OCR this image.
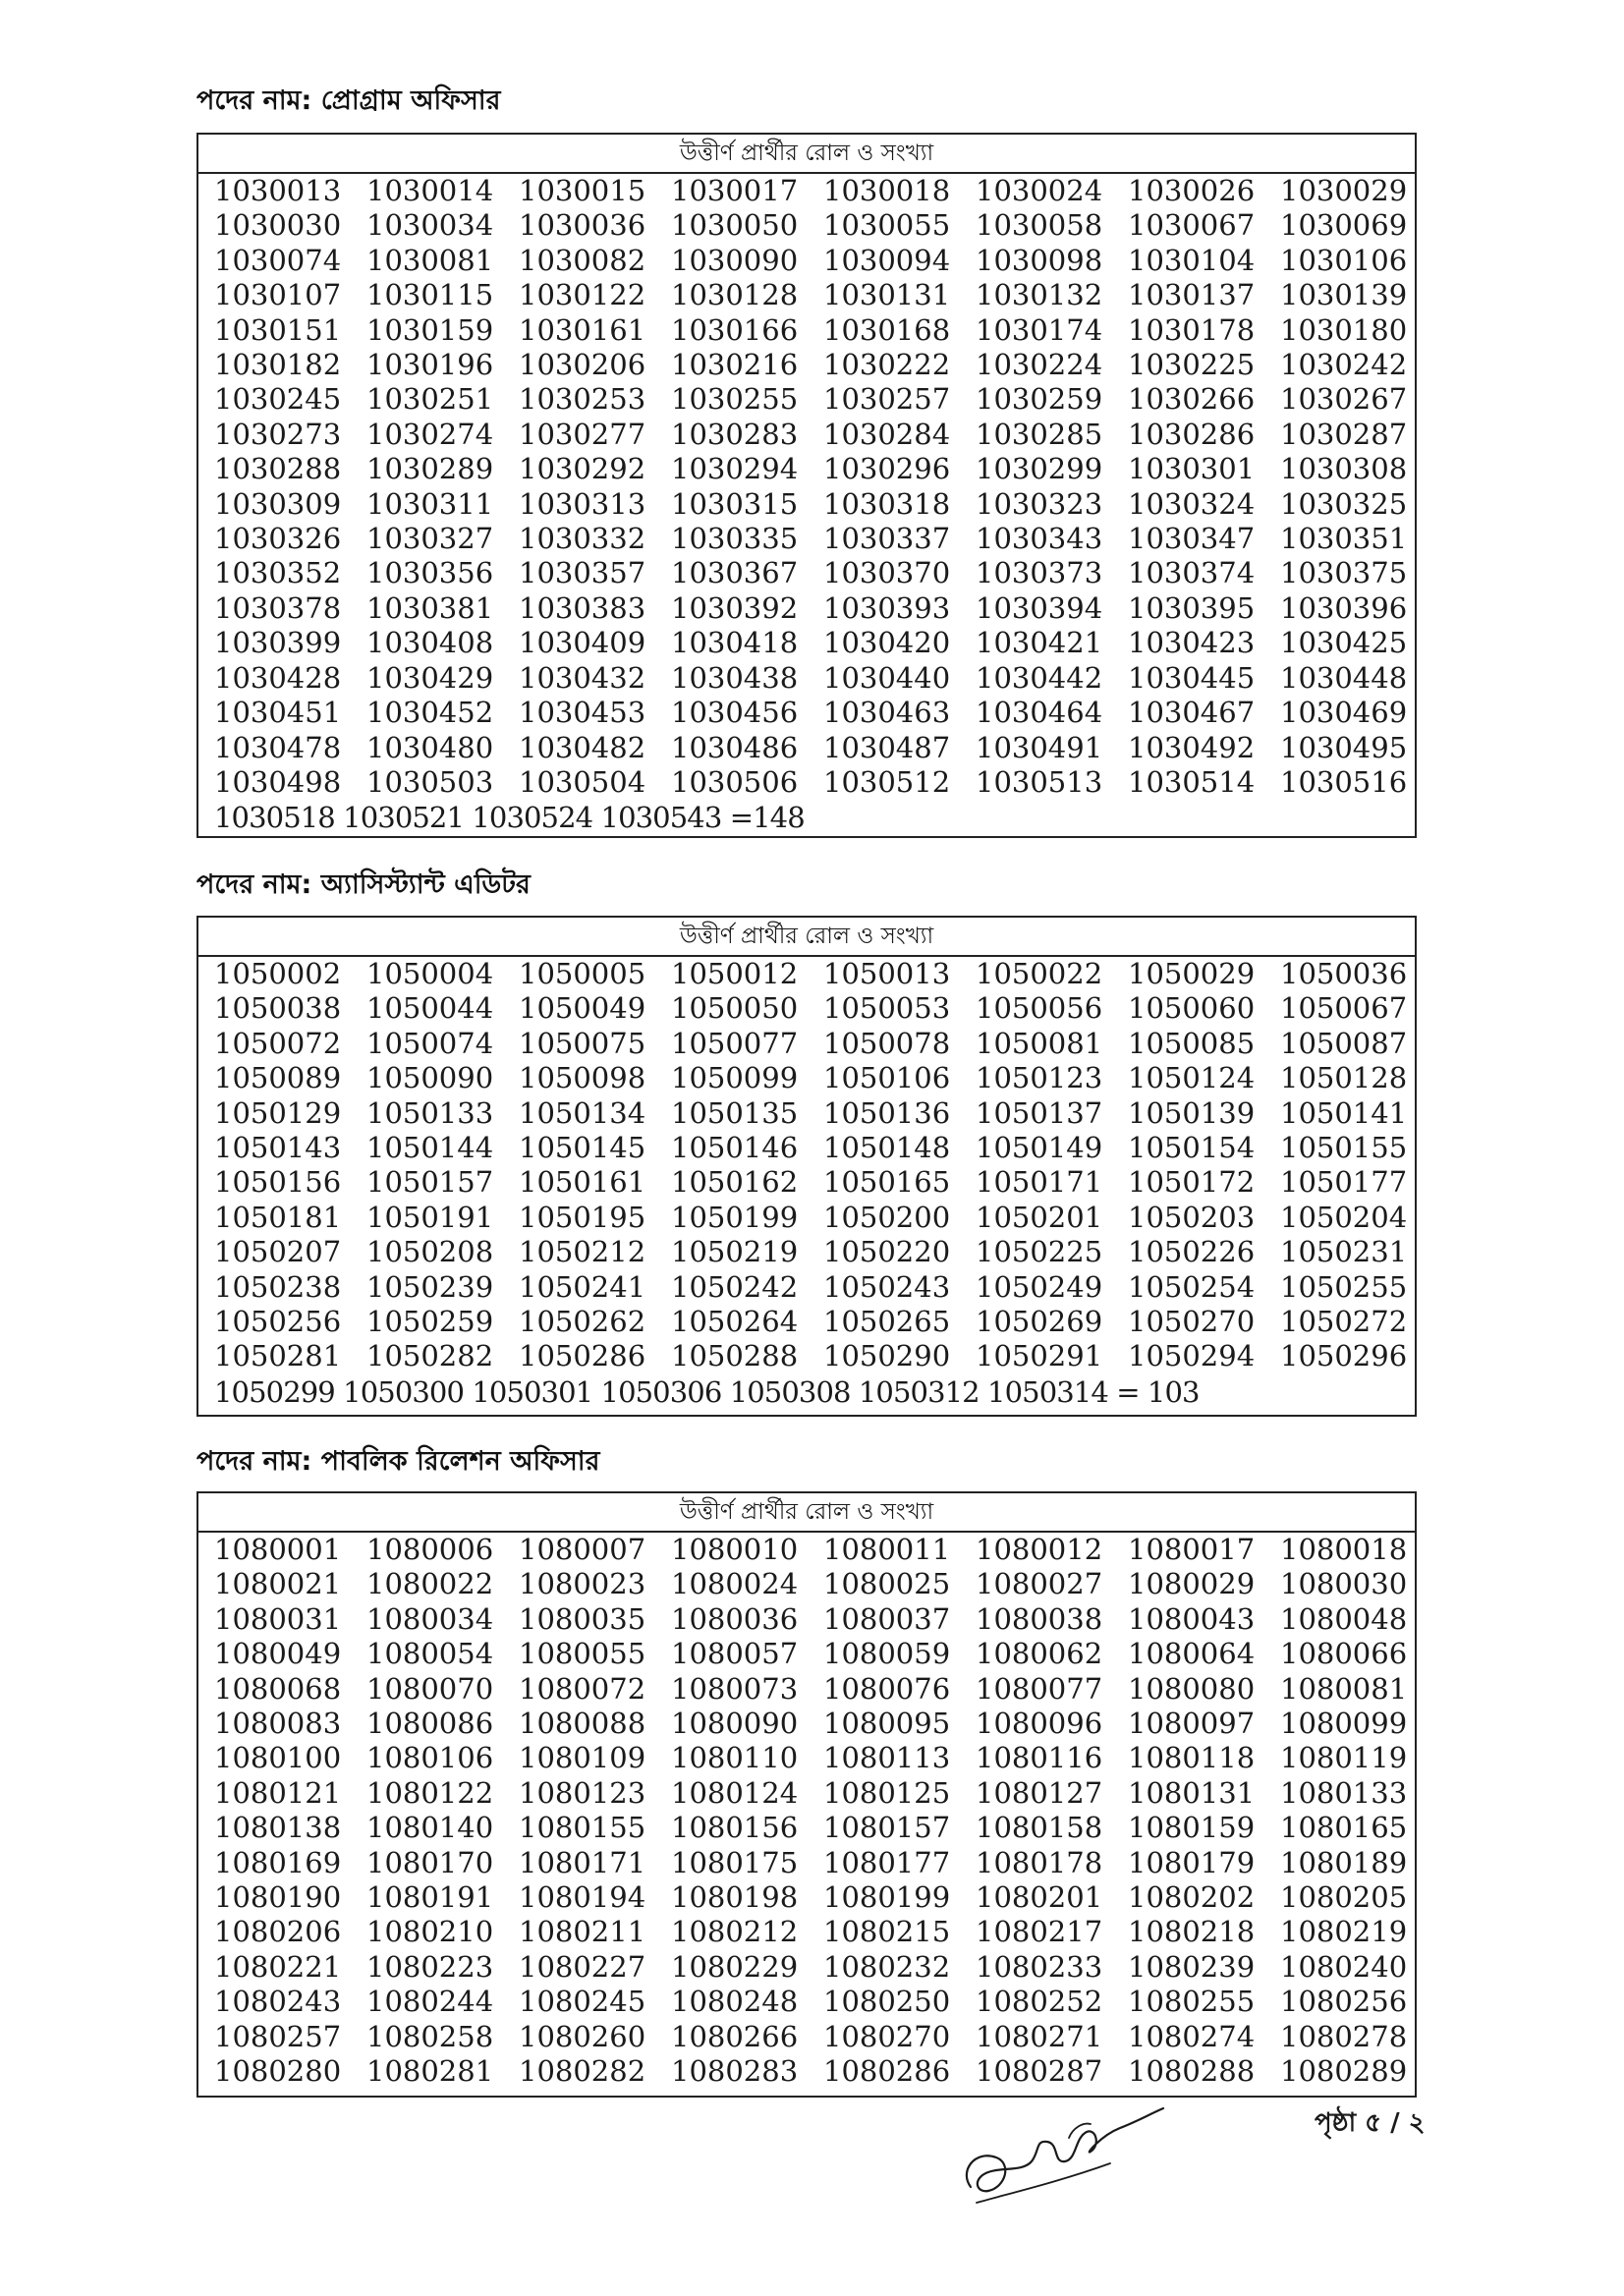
পদের নাম: প্রোগ্রাম অফিসার
উত্তীর্ণ প্রার্থীর রোল ও সংখ্যা
1030013 1030014 1030015 1030017 1030018 1030024 1030026 1030029
1030030 1030034 1030036 1030050 1030055 1030058 1030067 1030069
1030074 1030081 1030082 1030090 1030094 1030098 1030104 1030106
1030107 1030115 1030122 1030128 1030131 1030132 1030137 1030139
1030151 1030159 1030161 1030166 1030168 1030174 1030178 1030180
1030182 1030196 1030206 1030216 1030222 1030224 1030225 1030242
1030245 1030251 1030253 1030255 1030257 1030259 1030266 1030267
1030273 1030274 1030277 1030283 1030284 1030285 1030286 1030287
1030288 1030289 1030292 1030294 1030296 1030299 1030301 1030308
1030309 1030311 1030313 1030315 1030318 1030323 1030324 1030325
1030326 1030327 1030332 1030335 1030337 1030343 1030347 1030351
1030352 1030356 1030357 1030367 1030370 1030373 1030374 1030375
1030378 1030381 1030383 1030392 1030393 1030394 1030395 1030396
1030399 1030408 1030409 1030418 1030420 1030421 1030423 1030425
1030428 1030429 1030432 1030438 1030440 1030442 1030445 1030448
1030451 1030452 1030453 1030456 1030463 1030464 1030467 1030469
1030478 1030480 1030482 1030486 1030487 1030491 1030492 1030495
1030498 1030503 1030504 1030506 1030512 1030513 1030514 1030516
1030518 1030521 1030524 1030543 =148
পদের নাম: অ্যাসিস্ট্যান্ট এডিটর
উত্তীর্ণ প্রার্থীর রোল ও সংখ্যা
1050002 1050004 1050005 1050012 1050013 1050022 1050029 1050036
1050038 1050044 1050049 1050050 1050053 1050056 1050060 1050067
1050072 1050074 1050075 1050077 1050078 1050081 1050085 1050087
1050089 1050090 1050098 1050099 1050106 1050123 1050124 1050128
1050129 1050133 1050134 1050135 1050136 1050137 1050139 1050141
1050143 1050144 1050145 1050146 1050148 1050149 1050154 1050155
1050156 1050157 1050161 1050162 1050165 1050171 1050172 1050177
1050181 1050191 1050195 1050199 1050200 1050201 1050203 1050204
1050207 1050208 1050212 1050219 1050220 1050225 1050226 1050231
1050238 1050239 1050241 1050242 1050243 1050249 1050254 1050255
1050256 1050259 1050262 1050264 1050265 1050269 1050270 1050272
1050281 1050282 1050286 1050288 1050290 1050291 1050294 1050296
1050299 1050300 1050301 1050306 1050308 1050312 1050314 = 103
পদের নাম: পাবলিক রিলেশন অফিসার
উত্তীর্ণ প্রার্থীর রোল ও সংখ্যা
1080001 1080006 1080007 1080010 1080011 1080012 1080017 1080018
1080021 1080022 1080023 1080024 1080025 1080027 1080029 1080030
1080031 1080034 1080035 1080036 1080037 1080038 1080043 1080048
1080049 1080054 1080055 1080057 1080059 1080062 1080064 1080066
1080068 1080070 1080072 1080073 1080076 1080077 1080080 1080081
1080083 1080086 1080088 1080090 1080095 1080096 1080097 1080099
1080100 1080106 1080109 1080110 1080113 1080116 1080118 1080119
1080121 1080122 1080123 1080124 1080125 1080127 1080131 1080133
1080138 1080140 1080155 1080156 1080157 1080158 1080159 1080165
1080169 1080170 1080171 1080175 1080177 1080178 1080179 1080189
1080190 1080191 1080194 1080198 1080199 1080201 1080202 1080205
1080206 1080210 1080211 1080212 1080215 1080217 1080218 1080219
1080221 1080223 1080227 1080229 1080232 1080233 1080239 1080240
1080243 1080244 1080245 1080248 1080250 1080252 1080255 1080256
1080257 1080258 1080260 1080266 1080270 1080271 1080274 1080278
1080280 1080281 1080282 1080283 1080286 1080287 1080288 1080289
পৃষ্ঠা ৫ / ২
